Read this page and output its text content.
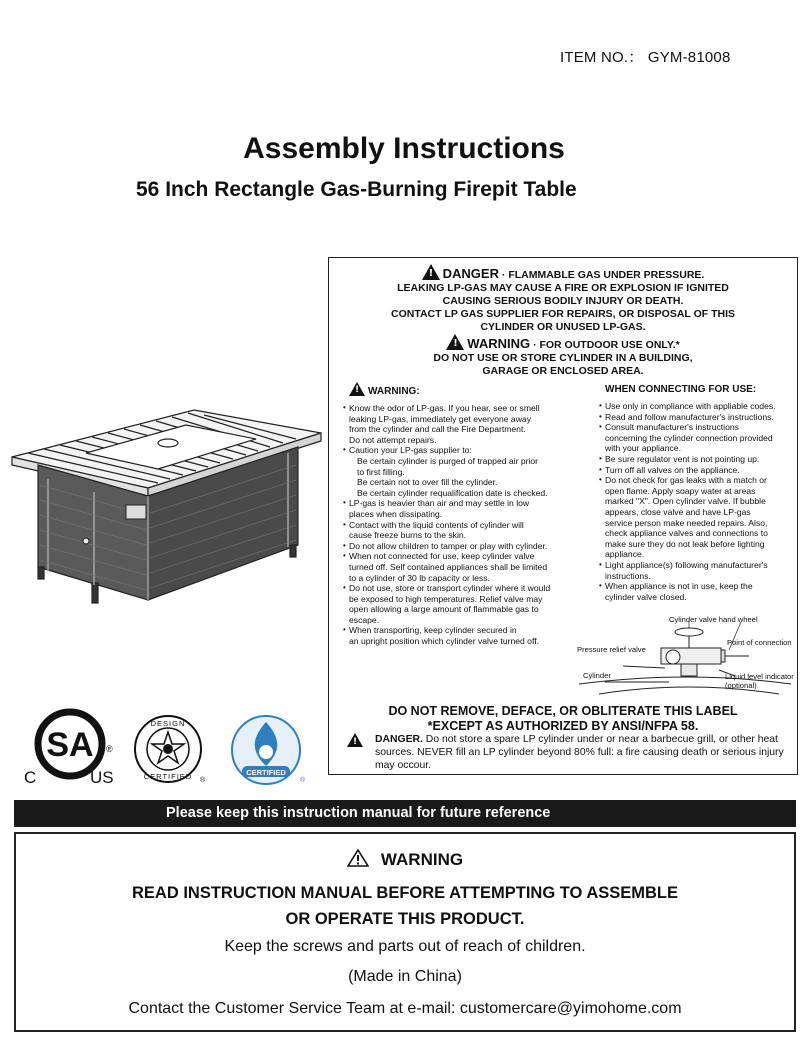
ITEM NO.： GYM-81008
Assembly Instructions
56 Inch Rectangle Gas-Burning Firepit Table
!DANGER · FLAMMABLE GAS UNDER PRESSURE.
LEAKING LP-GAS MAY CAUSE A FIRE OR EXPLOSION IF IGNITED
CAUSING SERIOUS BODILY INJURY OR DEATH.
CONTACT LP GAS SUPPLIER FOR REPAIRS, OR DISPOSAL OF THIS
CYLINDER OR UNUSED LP-GAS.
!WARNING · FOR OUTDOOR USE ONLY.*
DO NOT USE OR STORE CYLINDER IN A BUILDING,
GARAGE OR ENCLOSED AREA.
!WARNING:
• Know the odor of LP-gas. If you hear, see or smell
leaking LP-gas, immediately get everyone away
from the cylinder and call the Fire Department.
Do not attempt repairs.
• Caution your LP-gas supplier to:
Be certain cylinder is purged of trapped air prior
to first filling.
Be certain not to over fill the cylinder.
Be certain cylinder requalification date is checked.
• LP-gas is heavier than air and may settle in low
places when dissipating.
• Contact with the liquid contents of cylinder will
cause freeze burns to the skin.
• Do not allow children to tamper or play with cylinder.
• When not connected for use, keep cylinder valve
turned off. Self contained appliances shall be limited
to a cylinder of 30 lb capacity or less.
• Do not use, store or transport cylinder where it would
be exposed to high temperatures. Relief valve may
open allowing a large amount of flammable gas to
escape.
• When transporting, keep cylinder secured in
an upright position which cylinder valve turned off.
WHEN CONNECTING FOR USE:
• Use only in compliance with appliable codes.
• Read and follow manufacturer's instructions.
• Consult manufacturer's instructions
concerning the cylinder connection provided
with your appliance.
• Be sure regulator vent is not pointing up.
• Turn off all valves on the appliance.
• Do not check for gas leaks with a match or
open flame. Apply soapy water at areas
marked "X". Open cylinder valve. If bubble
appears, close valve and have LP-gas
service person make needed repairs. Also,
check appliance valves and connections to
make sure they do not leak before lighting
appliance.
• Light appliance(s) following manufacturer's
instructions.
• When appliance is not in use, keep the
cylinder valve closed.
Cylinder valve hand wheel
Point of connection
Pressure relief valve
Cylinder	Liquid level indicator
(optional)
DO NOT REMOVE, DEFACE, OR OBLITERATE THIS LABEL
*EXCEPT AS AUTHORIZED BY ANSI/NFPA 58.
!
DANGER. Do not store a spare LP cylinder under or near a barbecue grill, or other heat sources. NEVER fill an LP cylinder beyond 80% full: a fire causing death or serious injury may occour.
SA ®
C	US
DESIGN
CERTIFIED ®
CERTIFIED
®
Please keep this instruction manual for future reference
WARNING
READ INSTRUCTION MANUAL BEFORE ATTEMPTING TO ASSEMBLE
OR OPERATE THIS PRODUCT.
Keep the screws and parts out of reach of children.
(Made in China)
Contact the Customer Service Team at e-mail: customercare@yimohome.com
